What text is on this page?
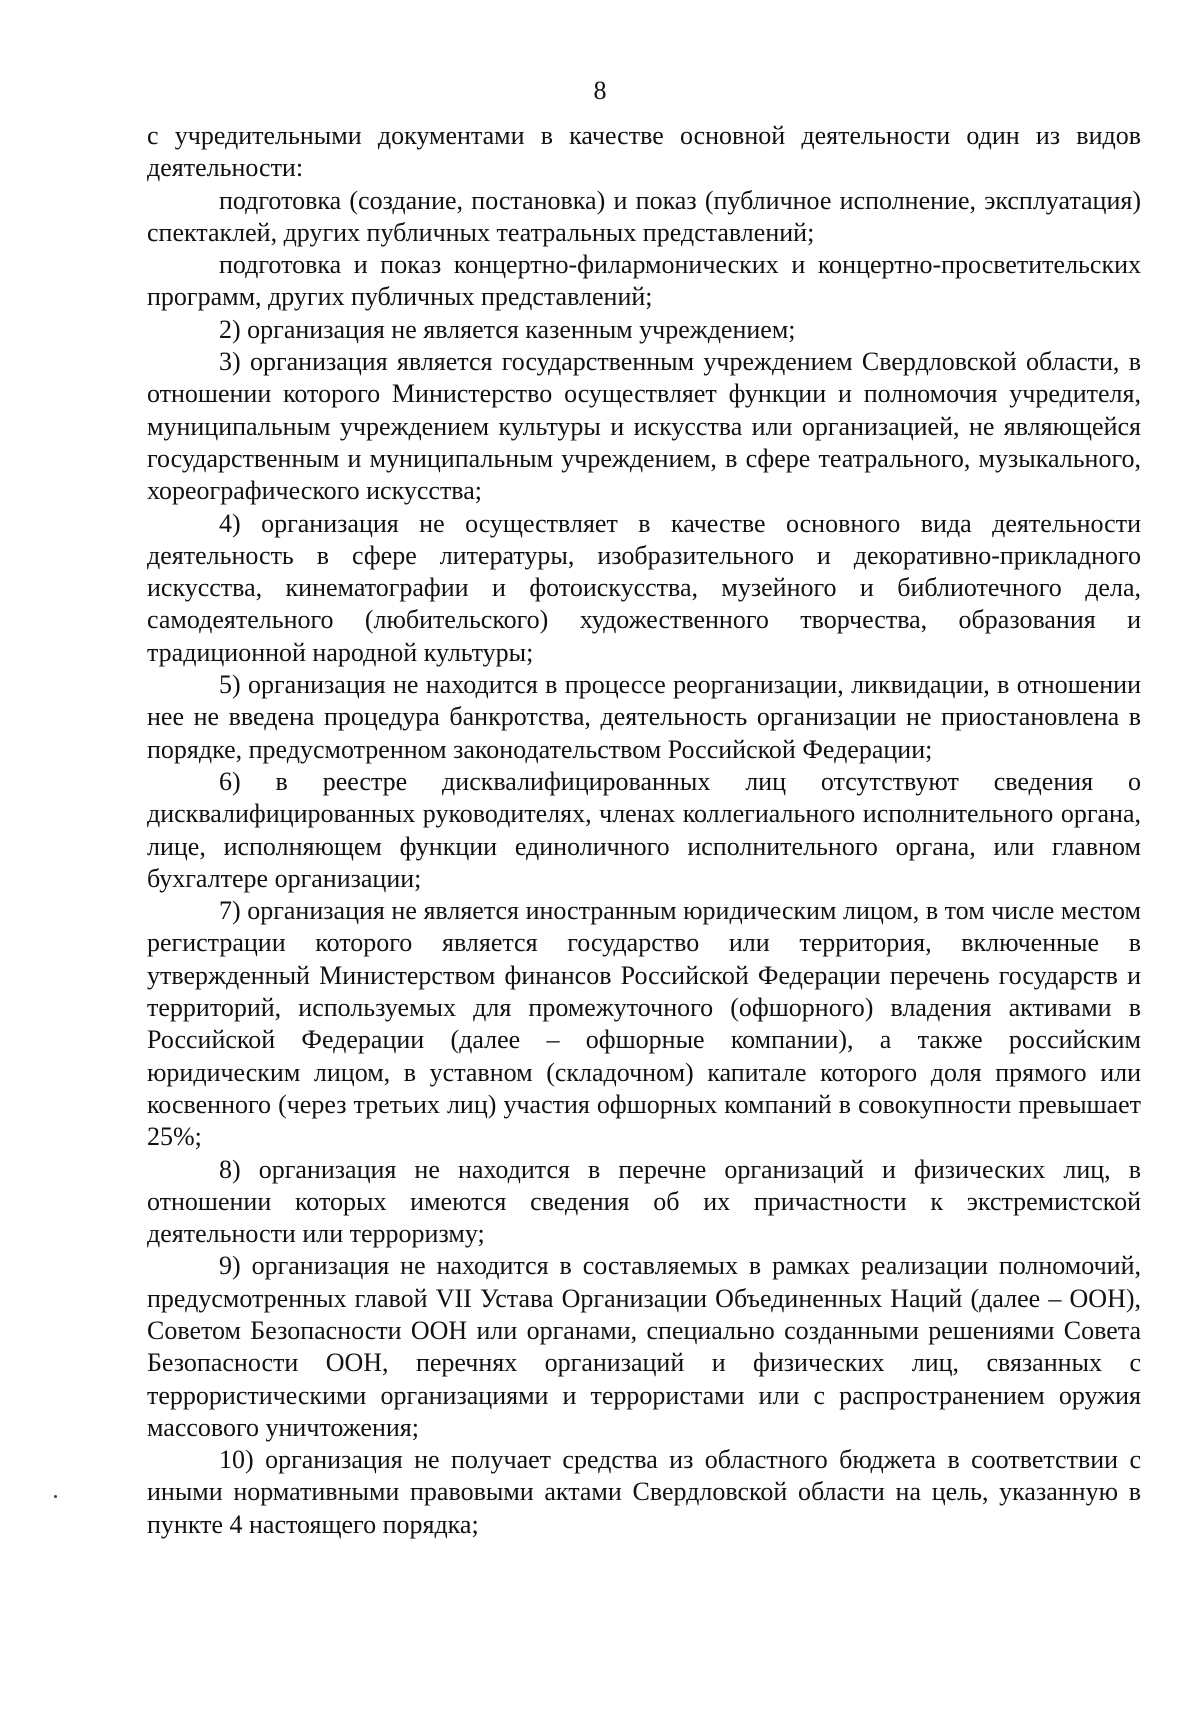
8

с учредительными документами в качестве основной деятельности один из видов деятельности:

подготовка (создание, постановка) и показ (публичное исполнение, эксплуатация) спектаклей, других публичных театральных представлений;

подготовка и показ концертно-филармонических и концертно-просветительских программ, других публичных представлений;

2) организация не является казенным учреждением;

3) организация является государственным учреждением Свердловской области, в отношении которого Министерство осуществляет функции и полномочия учредителя, муниципальным учреждением культуры и искусства или организацией, не являющейся государственным и муниципальным учреждением, в сфере театрального, музыкального, хореографического искусства;

4) организация не осуществляет в качестве основного вида деятельности деятельность в сфере литературы, изобразительного и декоративно-прикладного искусства, кинематографии и фотоискусства, музейного и библиотечного дела, самодеятельного (любительского) художественного творчества, образования и традиционной народной культуры;

5) организация не находится в процессе реорганизации, ликвидации, в отношении нее не введена процедура банкротства, деятельность организации не приостановлена в порядке, предусмотренном законодательством Российской Федерации;

6) в реестре дисквалифицированных лиц отсутствуют сведения о дисквалифицированных руководителях, членах коллегиального исполнительного органа, лице, исполняющем функции единоличного исполнительного органа, или главном бухгалтере организации;

7) организация не является иностранным юридическим лицом, в том числе местом регистрации которого является государство или территория, включенные в утвержденный Министерством финансов Российской Федерации перечень государств и территорий, используемых для промежуточного (офшорного) владения активами в Российской Федерации (далее – офшорные компании), а также российским юридическим лицом, в уставном (складочном) капитале которого доля прямого или косвенного (через третьих лиц) участия офшорных компаний в совокупности превышает 25%;

8) организация не находится в перечне организаций и физических лиц, в отношении которых имеются сведения об их причастности к экстремистской деятельности или терроризму;

9) организация не находится в составляемых в рамках реализации полномочий, предусмотренных главой VII Устава Организации Объединенных Наций (далее – ООН), Советом Безопасности ООН или органами, специально созданными решениями Совета Безопасности ООН, перечнях организаций и физических лиц, связанных с террористическими организациями и террористами или с распространением оружия массового уничтожения;

10) организация не получает средства из областного бюджета в соответствии с иными нормативными правовыми актами Свердловской области на цель, указанную в пункте 4 настоящего порядка;
